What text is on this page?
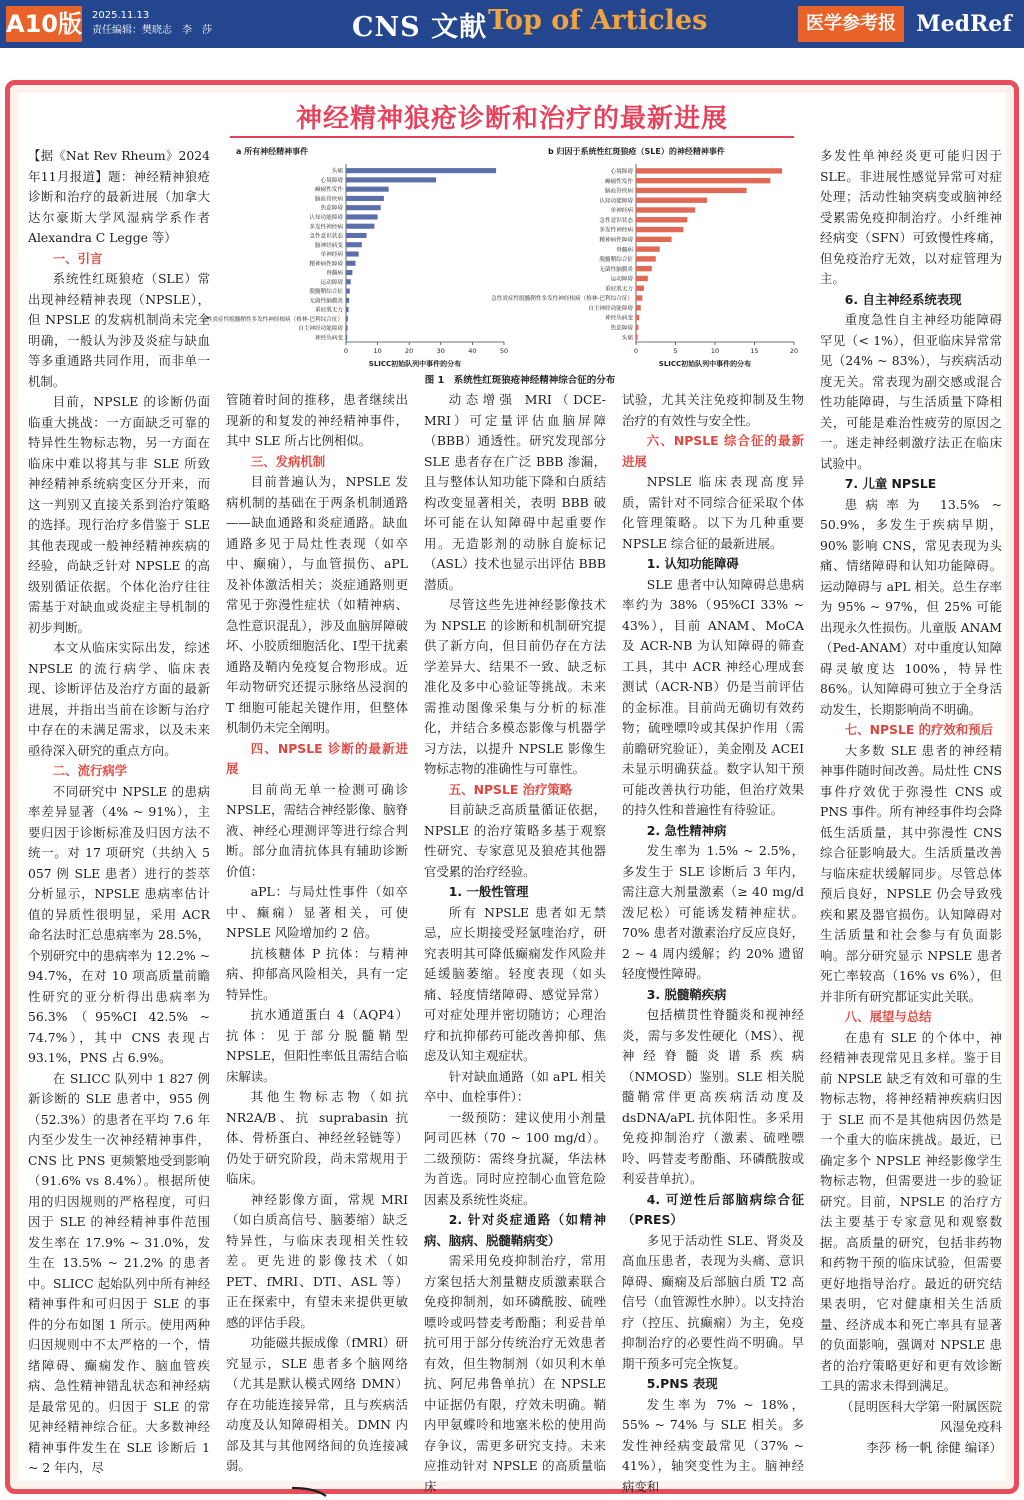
A10版 2025.11.13
责任编辑：樊晓志　李　莎	CNS 文献 Top of Articles	医学参考报 MedRef
神经精神狼疮诊断和治疗的最新进展
a 所有神经精神事件	b 归因于系统性红斑狼疮（SLE）的神经精神事件
头痛
心境障碍
癫痫性发作
脑血管疾病
焦虑障碍
认知功能障碍
多发性神经病
急性意识状态
脑神经病变
单神经病
精神病性障碍
脊髓病
运动障碍
脱髓鞘综合征
无菌性脑膜炎
重症肌无力
急性炎症性脱髓鞘性多发性神经根病（格林-巴利综合征）
自主神经功能障碍
神经丛病变
0	10	20	30	40	50
SLICC初始队列中事件的分布
心境障碍
癫痫性发作
脑血管疾病
认知功能障碍
单神经病
急性意识状态
多发性神经病
精神病性障碍
脊髓病
脱髓鞘综合征
无菌性脑膜炎
运动障碍
重症肌无力
急性炎症性脱髓鞘性多发性神经根病（格林-巴利综合征）
自主神经功能障碍
神经丛病变
焦虑障碍
头痛
0	5	10	15	20
SLICC初始队列中事件的分布
图 1　系统性红斑狼疮神经精神综合征的分布

【据《Nat Rev Rheum》2024年11月报道】题：神经精神狼疮诊断和治疗的最新进展（加拿大达尔豪斯大学风湿病学系作者 Alexandra C Legge 等）

一、引言

系统性红斑狼疮（SLE）常出现神经精神表现（NPSLE），但 NPSLE 的发病机制尚未完全明确，一般认为涉及炎症与缺血等多重通路共同作用，而非单一机制。

目前，NPSLE 的诊断仍面临重大挑战：一方面缺乏可靠的特异性生物标志物，另一方面在临床中难以将其与非 SLE 所致神经精神系统病变区分开来，而这一判别又直接关系到治疗策略的选择。现行治疗多借鉴于 SLE 其他表现或一般神经精神疾病的经验，尚缺乏针对 NPSLE 的高级别循证依据。个体化治疗往往需基于对缺血或炎症主导机制的初步判断。

本文从临床实际出发，综述 NPSLE 的流行病学、临床表现、诊断评估及治疗方面的最新进展，并指出当前在诊断与治疗中存在的未满足需求，以及未来亟待深入研究的重点方向。

二、流行病学

不同研究中 NPSLE 的患病率差异显著（4% ~ 91%），主要归因于诊断标准及归因方法不统一。对 17 项研究（共纳入 5 057 例 SLE 患者）进行的荟萃分析显示，NPSLE 患病率估计值的异质性很明显，采用 ACR 命名法时汇总患病率为 28.5%，个别研究中的患病率为 12.2% ~ 94.7%，在对 10 项高质量前瞻性研究的亚分析得出患病率为 56.3%（95%CI 42.5% ~ 74.7%），其中 CNS 表现占 93.1%，PNS 占 6.9%。

在 SLICC 队列中 1 827 例新诊断的 SLE 患者中，955 例（52.3%）的患者在平均 7.6 年内至少发生一次神经精神事件，CNS 比 PNS 更频繁地受到影响（91.6% vs 8.4%）。根据所使用的归因规则的严格程度，可归因于 SLE 的神经精神事件范围发生率在 17.9% ~ 31.0%，发生在 13.5% ~ 21.2% 的患者中。SLICC 起始队列中所有神经精神事件和可归因于 SLE 的事件的分布如图 1 所示。使用两种归因规则中不太严格的一个，情绪障碍、癫痫发作、脑血管疾病、急性精神错乱状态和神经病是最常见的。归因于 SLE 的常见神经精神综合征。大多数神经精神事件发生在 SLE 诊断后 1 ~ 2 年内，尽

管随着时间的推移，患者继续出现新的和复发的神经精神事件，其中 SLE 所占比例相似。

三、发病机制

目前普遍认为，NPSLE 发病机制的基础在于两条机制通路——缺血通路和炎症通路。缺血通路多见于局灶性表现（如卒中、癫痫），与血管损伤、aPL 及补体激活相关；炎症通路则更常见于弥漫性症状（如精神病、急性意识混乱），涉及血脑屏障破坏、小胶质细胞活化、Ⅰ型干扰素通路及鞘内免疫复合物形成。近年动物研究还提示脉络丛浸润的 T 细胞可能起关键作用，但整体机制仍未完全阐明。

四、NPSLE 诊断的最新进展

目前尚无单一检测可确诊 NPSLE，需结合神经影像、脑脊液、神经心理测评等进行综合判断。部分血清抗体具有辅助诊断价值：

aPL：与局灶性事件（如卒中、癫痫）显著相关，可使 NPSLE 风险增加约 2 倍。

抗核糖体 P 抗体：与精神病、抑郁高风险相关，具有一定特异性。

抗水通道蛋白 4（AQP4）抗体：见于部分脱髓鞘型 NPSLE，但阳性率低且需结合临床解读。

其他生物标志物（如抗 NR2A/B、抗 suprabasin 抗体、骨桥蛋白、神经丝轻链等）仍处于研究阶段，尚未常规用于临床。

神经影像方面，常规 MRI（如白质高信号、脑萎缩）缺乏特异性，与临床表现相关性较差。更先进的影像技术（如 PET、fMRI、DTI、ASL 等）正在探索中，有望未来提供更敏感的评估手段。

功能磁共振成像（fMRI）研究显示，SLE 患者多个脑网络（尤其是默认模式网络 DMN）存在功能连接异常，且与疾病活动度及认知障碍相关。DMN 内部及其与其他网络间的负连接减弱。

动态增强 MRI（DCE-MRI）可定量评估血脑屏障（BBB）通透性。研究发现部分 SLE 患者存在广泛 BBB 渗漏，且与整体认知功能下降和白质结构改变显著相关，表明 BBB 破坏可能在认知障碍中起重要作用。无造影剂的动脉自旋标记（ASL）技术也显示出评估 BBB 潜质。

尽管这些先进神经影像技术为 NPSLE 的诊断和机制研究提供了新方向，但目前仍存在方法学差异大、结果不一致、缺乏标准化及多中心验证等挑战。未来需推动图像采集与分析的标准化，并结合多模态影像与机器学习方法，以提升 NPSLE 影像生物标志物的准确性与可靠性。

五、NPSLE 治疗策略

目前缺乏高质量循证依据，NPSLE 的治疗策略多基于观察性研究、专家意见及狼疮其他器官受累的治疗经验。

1. 一般性管理

所有 NPSLE 患者如无禁忌，应长期接受羟氯喹治疗，研究表明其可降低癫痫发作风险并延缓脑萎缩。轻度表现（如头痛、轻度情绪障碍、感觉异常）可对症处理并密切随访；心理治疗和抗抑郁药可能改善抑郁、焦虑及认知主观症状。

针对缺血通路（如 aPL 相关卒中、血栓事件）：

一级预防：建议使用小剂量阿司匹林（70 ~ 100 mg/d）。二级预防：需终身抗凝，华法林为首选。同时应控制心血管危险因素及系统性炎症。

2. 针对炎症通路（如精神病、脑病、脱髓鞘病变）

需采用免疫抑制治疗，常用方案包括大剂量糖皮质激素联合免疫抑制剂，如环磷酰胺、硫唑嘌呤或吗替麦考酚酯；利妥昔单抗可用于部分传统治疗无效患者有效，但生物制剂（如贝利木单抗、阿尼弗鲁单抗）在 NPSLE 中证据仍有限，疗效未明确。鞘内甲氨蝶呤和地塞米松的使用尚存争议，需更多研究支持。未来应推动针对 NPSLE 的高质量临床

试验，尤其关注免疫抑制及生物治疗的有效性与安全性。

六、NPSLE 综合征的最新进展

NPSLE 临床表现高度异质，需针对不同综合征采取个体化管理策略。以下为几种重要 NPSLE 综合征的最新进展。

1. 认知功能障碍

SLE 患者中认知障碍总患病率约为 38%（95%CI 33% ~ 43%），目前 ANAM、MoCA 及 ACR-NB 为认知障碍的筛查工具，其中 ACR 神经心理成套测试（ACR-NB）仍是当前评估的金标准。目前尚无确切有效药物；硫唑嘌呤或其保护作用（需前瞻研究验证），美金刚及 ACEI 未显示明确获益。数字认知干预可能改善执行功能，但治疗效果的持久性和普遍性有待验证。

2. 急性精神病

发生率为 1.5% ~ 2.5%，多发生于 SLE 诊断后 3 年内，需注意大剂量激素（≥ 40 mg/d 泼尼松）可能诱发精神症状。70% 患者对激素治疗反应良好，2 ~ 4 周内缓解；约 20% 遗留轻度慢性障碍。

3. 脱髓鞘疾病

包括横贯性脊髓炎和视神经炎，需与多发性硬化（MS）、视神经脊髓炎谱系疾病（NMOSD）鉴别。SLE 相关脱髓鞘常伴更高疾病活动度及 dsDNA/aPL 抗体阳性。多采用免疫抑制治疗（激素、硫唑嘌呤、吗替麦考酚酯、环磷酰胺或利妥昔单抗）。

4. 可逆性后部脑病综合征（PRES）

多见于活动性 SLE、肾炎及高血压患者，表现为头痛、意识障碍、癫痫及后部脑白质 T2 高信号（血管源性水肿）。以支持治疗（控压、抗癫痫）为主，免疫抑制治疗的必要性尚不明确。早期干预多可完全恢复。

5.PNS 表现

发生率为 7% ~ 18%，55% ~ 74% 与 SLE 相关。多发性神经病变最常见（37% ~ 41%），轴突变性为主。脑神经病变和

多发性单神经炎更可能归因于 SLE。非进展性感觉异常可对症处理；活动性轴突病变或脑神经受累需免疫抑制治疗。小纤维神经病变（SFN）可致慢性疼痛，但免疫治疗无效，以对症管理为主。

6. 自主神经系统表现

重度急性自主神经功能障碍罕见（< 1%），但亚临床异常常见（24% ~ 83%），与疾病活动度无关。常表现为副交感或混合性功能障碍，与生活质量下降相关，可能是难治性疲劳的原因之一。迷走神经刺激疗法正在临床试验中。

7. 儿童 NPSLE

患病率为 13.5% ~ 50.9%，多发生于疾病早期，90% 影响 CNS，常见表现为头痛、情绪障碍和认知功能障碍。运动障碍与 aPL 相关。总生存率为 95% ~ 97%，但 25% 可能出现永久性损伤。儿童版 ANAM（Ped-ANAM）对中重度认知障碍灵敏度达 100%，特异性 86%。认知障碍可独立于全身活动发生，长期影响尚不明确。

七、NPSLE 的疗效和预后

大多数 SLE 患者的神经精神事件随时间改善。局灶性 CNS 事件疗效优于弥漫性 CNS 或 PNS 事件。所有神经事件均会降低生活质量，其中弥漫性 CNS 综合征影响最大。生活质量改善与临床症状缓解同步。尽管总体预后良好，NPSLE 仍会导致残疾和累及器官损伤。认知障碍对生活质量和社会参与有负面影响。部分研究显示 NPSLE 患者死亡率较高（16% vs 6%），但并非所有研究都证实此关联。

八、展望与总结

在患有 SLE 的个体中，神经精神表现常见且多样。鉴于目前 NPSLE 缺乏有效和可靠的生物标志物，将神经精神疾病归因于 SLE 而不是其他病因仍然是一个重大的临床挑战。最近，已确定多个 NPSLE 神经影像学生物标志物，但需要进一步的验证研究。目前，NPSLE 的治疗方法主要基于专家意见和观察数据。高质量的研究，包括非药物和药物干预的临床试验，但需要更好地指导治疗。最近的研究结果表明，它对健康相关生活质量、经济成本和死亡率具有显著的负面影响，强调对 NPSLE 患者的治疗策略更好和更有效诊断工具的需求未得到满足。

（昆明医科大学第一附属医院

风湿免疫科

李莎 杨一帆 徐健 编译）
